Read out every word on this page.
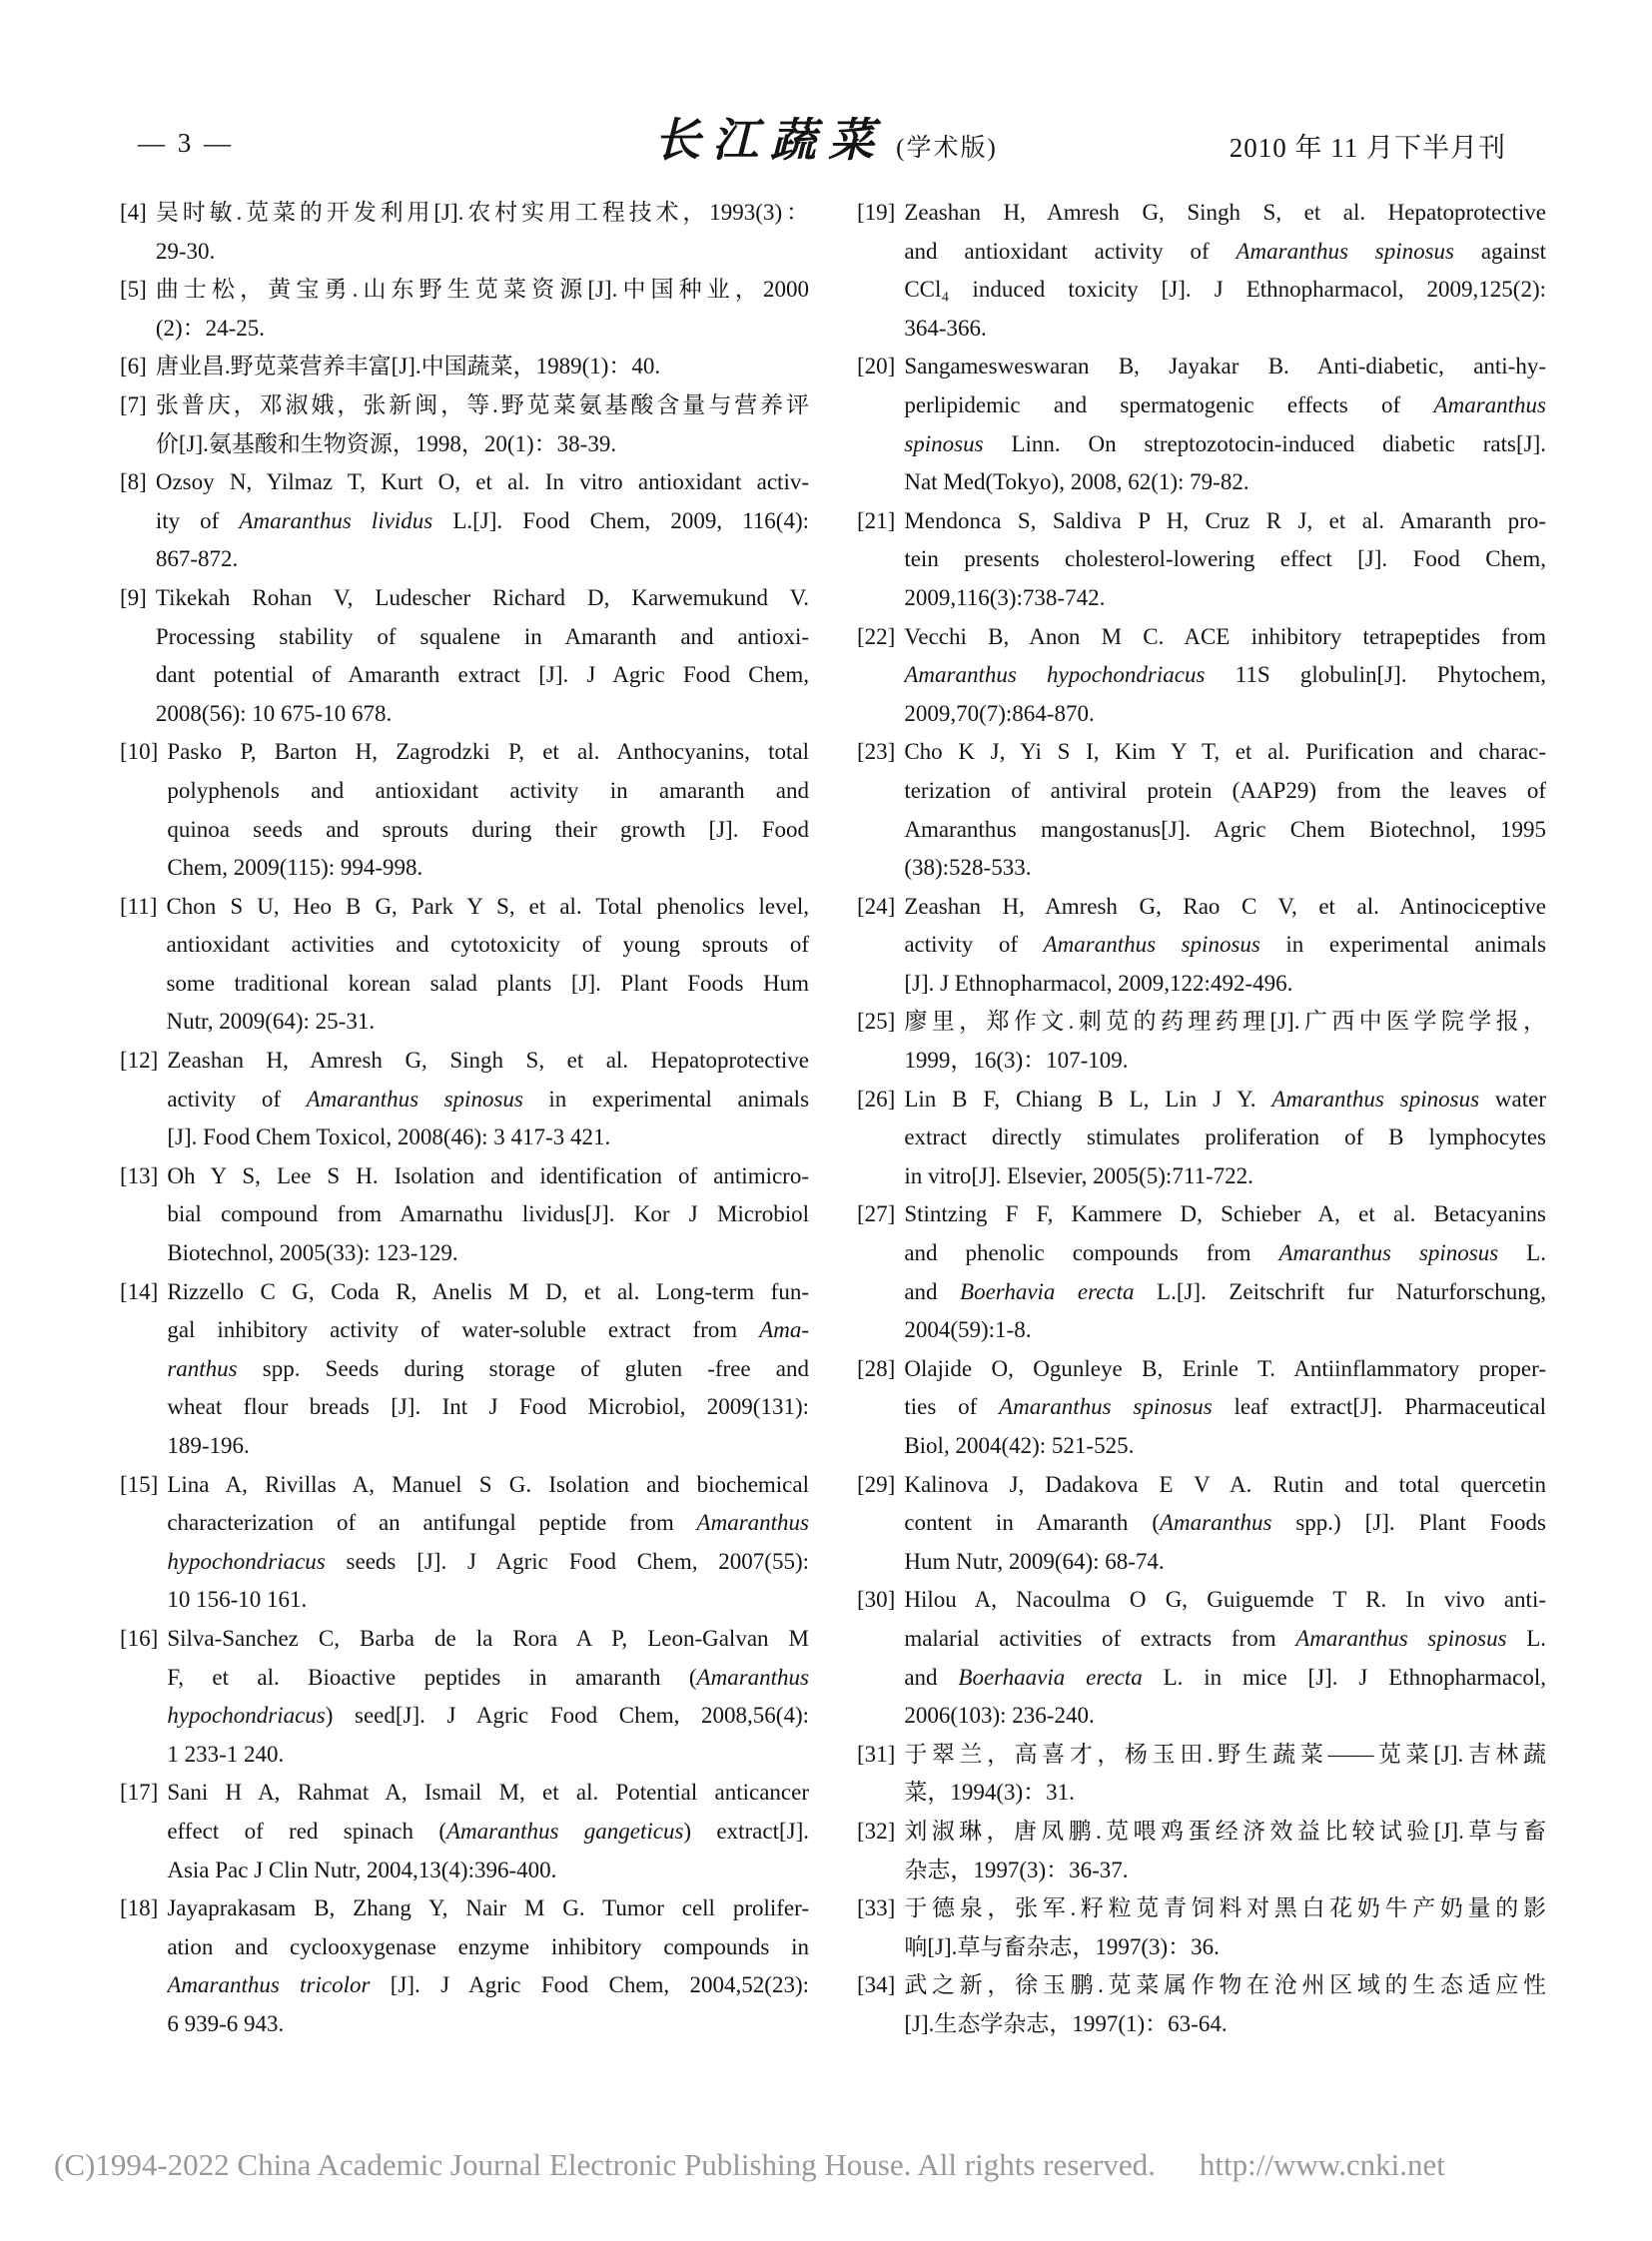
— 3 —	长江蔬菜 (学术版)	2010 年 11 月下半月刊
[4] 吴时敏.苋菜的开发利用[J].农村实用工程技术，1993(3)：
29-30.
[5] 曲士松，黄宝勇.山东野生苋菜资源[J].中国种业，2000
(2)：24-25.
[6] 唐业昌.野苋菜营养丰富[J].中国蔬菜，1989(1)：40.
[7] 张普庆，邓淑娥，张新闽，等.野苋菜氨基酸含量与营养评
价[J].氨基酸和生物资源，1998，20(1)：38-39.
[8] Ozsoy N, Yilmaz T, Kurt O, et al. In vitro antioxidant activ-
ity of Amaranthus lividus L.[J]. Food Chem, 2009, 116(4):
867-872.
[9] Tikekah Rohan V, Ludescher Richard D, Karwemukund V.
Processing stability of squalene in Amaranth and antioxi-
dant potential of Amaranth extract [J]. J Agric Food Chem,
2008(56): 10 675-10 678.
[10] Pasko P, Barton H, Zagrodzki P, et al. Anthocyanins, total
polyphenols and antioxidant activity in amaranth and
quinoa seeds and sprouts during their growth [J]. Food
Chem, 2009(115): 994-998.
[11] Chon S U, Heo B G, Park Y S, et al. Total phenolics level,
antioxidant activities and cytotoxicity of young sprouts of
some traditional korean salad plants [J]. Plant Foods Hum
Nutr, 2009(64): 25-31.
[12] Zeashan H, Amresh G, Singh S, et al. Hepatoprotective
activity of Amaranthus spinosus in experimental animals
[J]. Food Chem Toxicol, 2008(46): 3 417-3 421.
[13] Oh Y S, Lee S H. Isolation and identification of antimicro-
bial compound from Amarnathu lividus[J]. Kor J Microbiol
Biotechnol, 2005(33): 123-129.
[14] Rizzello C G, Coda R, Anelis M D, et al. Long-term fun-
gal inhibitory activity of water-soluble extract from Ama-
ranthus spp. Seeds during storage of gluten -free and
wheat flour breads [J]. Int J Food Microbiol, 2009(131):
189-196.
[15] Lina A, Rivillas A, Manuel S G. Isolation and biochemical
characterization of an antifungal peptide from Amaranthus
hypochondriacus seeds [J]. J Agric Food Chem, 2007(55):
10 156-10 161.
[16] Silva-Sanchez C, Barba de la Rora A P, Leon-Galvan M
F, et al. Bioactive peptides in amaranth (Amaranthus
hypochondriacus) seed[J]. J Agric Food Chem, 2008,56(4):
1 233-1 240.
[17] Sani H A, Rahmat A, Ismail M, et al. Potential anticancer
effect of red spinach (Amaranthus gangeticus) extract[J].
Asia Pac J Clin Nutr, 2004,13(4):396-400.
[18] Jayaprakasam B, Zhang Y, Nair M G. Tumor cell prolifer-
ation and cyclooxygenase enzyme inhibitory compounds in
Amaranthus tricolor [J]. J Agric Food Chem, 2004,52(23):
6 939-6 943.
[19] Zeashan H, Amresh G, Singh S, et al. Hepatoprotective
and antioxidant activity of Amaranthus spinosus against
CCl₄ induced toxicity [J]. J Ethnopharmacol, 2009,125(2):
364-366.
[20] Sangamesweswaran B, Jayakar B. Anti-diabetic, anti-hy-
perlipidemic and spermatogenic effects of Amaranthus
spinosus Linn. On streptozotocin-induced diabetic rats[J].
Nat Med(Tokyo), 2008, 62(1): 79-82.
[21] Mendonca S, Saldiva P H, Cruz R J, et al. Amaranth pro-
tein presents cholesterol-lowering effect [J]. Food Chem,
2009,116(3):738-742.
[22] Vecchi B, Anon M C. ACE inhibitory tetrapeptides from
Amaranthus hypochondriacus 11S globulin[J]. Phytochem,
2009,70(7):864-870.
[23] Cho K J, Yi S I, Kim Y T, et al. Purification and charac-
terization of antiviral protein (AAP29) from the leaves of
Amaranthus mangostanus[J]. Agric Chem Biotechnol, 1995
(38):528-533.
[24] Zeashan H, Amresh G, Rao C V, et al. Antinociceptive
activity of Amaranthus spinosus in experimental animals
[J]. J Ethnopharmacol, 2009,122:492-496.
[25] 廖里，郑作文.刺苋的药理药理[J].广西中医学院学报，
1999，16(3)：107-109.
[26] Lin B F, Chiang B L, Lin J Y. Amaranthus spinosus water
extract directly stimulates proliferation of B lymphocytes
in vitro[J]. Elsevier, 2005(5):711-722.
[27] Stintzing F F, Kammere D, Schieber A, et al. Betacyanins
and phenolic compounds from Amaranthus spinosus L.
and Boerhavia erecta L.[J]. Zeitschrift fur Naturforschung,
2004(59):1-8.
[28] Olajide O, Ogunleye B, Erinle T. Antiinflammatory proper-
ties of Amaranthus spinosus leaf extract[J]. Pharmaceutical
Biol, 2004(42): 521-525.
[29] Kalinova J, Dadakova E V A. Rutin and total quercetin
content in Amaranth (Amaranthus spp.) [J]. Plant Foods
Hum Nutr, 2009(64): 68-74.
[30] Hilou A, Nacoulma O G, Guiguemde T R. In vivo anti-
malarial activities of extracts from Amaranthus spinosus L.
and Boerhaavia erecta L. in mice [J]. J Ethnopharmacol,
2006(103): 236-240.
[31] 于翠兰，高喜才，杨玉田.野生蔬菜——苋菜[J].吉林蔬
菜，1994(3)：31.
[32] 刘淑琳，唐凤鹏.苋喂鸡蛋经济效益比较试验[J].草与畜
杂志，1997(3)：36-37.
[33] 于德泉，张军.籽粒苋青饲料对黑白花奶牛产奶量的影
响[J].草与畜杂志，1997(3)：36.
[34] 武之新，徐玉鹏.苋菜属作物在沧州区域的生态适应性
[J].生态学杂志，1997(1)：63-64.
(C)1994-2022 China Academic Journal Electronic Publishing House. All rights reserved. http://www.cnki.net
